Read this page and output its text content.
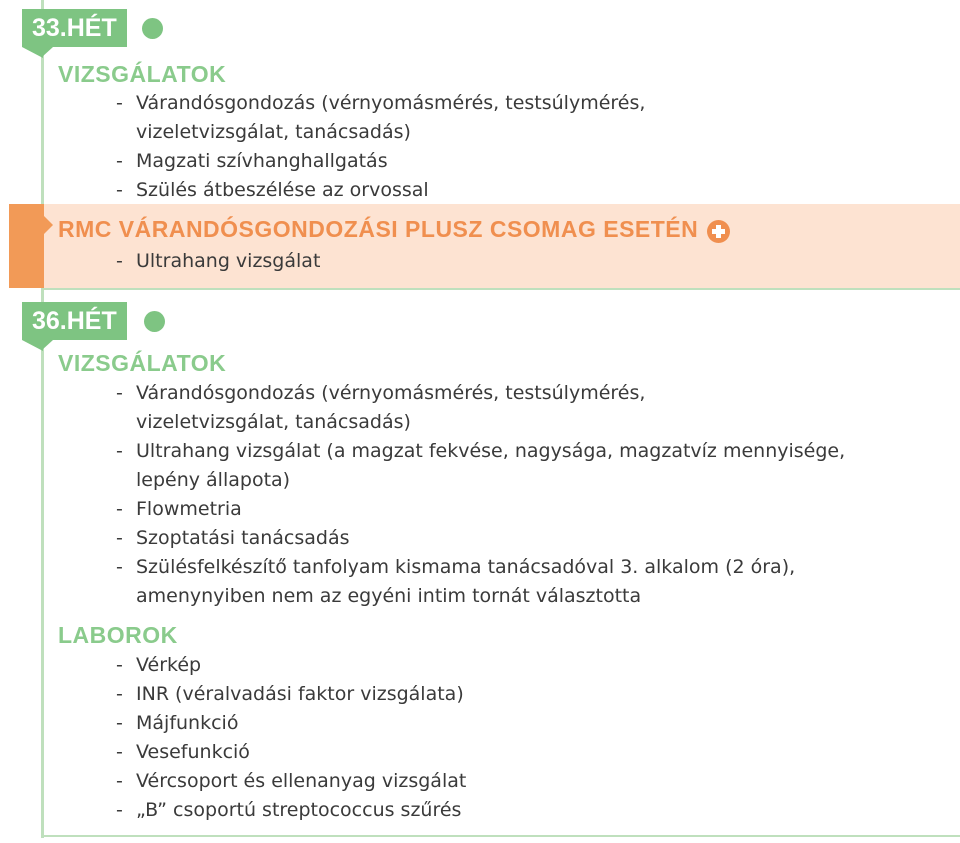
33.HÉT
VIZSGÁLATOK
- Várandósgondozás (vérnyomásmérés, testsúlymérés, vizeletvizsgálat, tanácsadás)
- Magzati szívhanghallgatás
- Szülés átbeszélése az orvossal
RMC VÁRANDÓSGONDOZÁSI PLUSZ CSOMAG ESETÉN
- Ultrahang vizsgálat
36.HÉT
VIZSGÁLATOK
- Várandósgondozás (vérnyomásmérés, testsúlymérés, vizeletvizsgálat, tanácsadás)
- Ultrahang vizsgálat (a magzat fekvése, nagysága, magzatvíz mennyisége, lepény állapota)
- Flowmetria
- Szoptatási tanácsadás
- Szülésfelkészítő tanfolyam kismama tanácsadóval 3. alkalom (2 óra), amenynyiben nem az egyéni intim tornát választotta
LABOROK
- Vérkép
- INR (véralvadási faktor vizsgálata)
- Májfunkció
- Vesefunkció
- Vércsoport és ellenanyag vizsgálat
- „B” csoportú streptococcus szűrés
